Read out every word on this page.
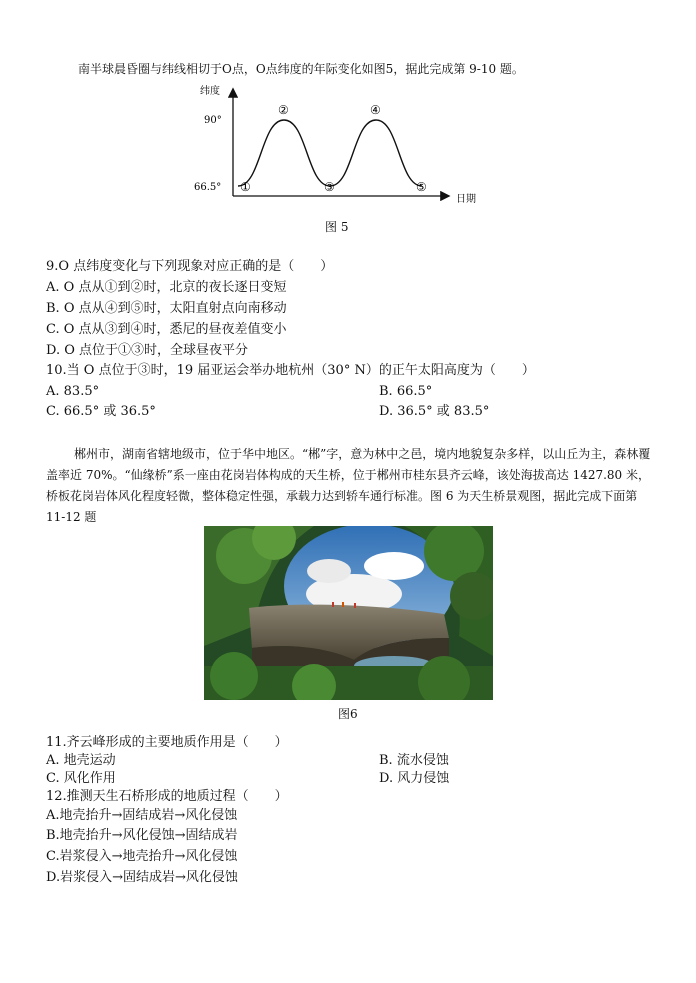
南半球晨昏圈与纬线相切于O点，O点纬度的年际变化如图5，据此完成第 9-10 题。
纬度
日期
90°
66.5° ①
②
③
④
⑤
图 5
9.O 点纬度变化与下列现象对应正确的是（　　）
A. O 点从①到②时，北京的夜长逐日变短
B. O 点从④到⑤时，太阳直射点向南移动
C. O 点从③到④时，悉尼的昼夜差值变小
D. O 点位于①③时，全球昼夜平分
10.当 O 点位于③时，19 届亚运会举办地杭州（30° N）的正午太阳高度为（　　）
A. 83.5°	B. 66.5°
C. 66.5° 或 36.5°	D. 36.5° 或 83.5°
郴州市，湖南省辖地级市，位于华中地区。“郴”字，意为林中之邑，境内地貌复杂多样，以山丘为主，森林覆盖率近 70%。“仙缘桥”系一座由花岗岩体构成的天生桥，位于郴州市桂东县齐云峰，该处海拔高达 1427.80 米，桥板花岗岩体风化程度轻微，整体稳定性强，承载力达到轿车通行标准。图 6 为天生桥景观图，据此完成下面第 11-12 题
图6
11.齐云峰形成的主要地质作用是（　　）
A. 地壳运动	B. 流水侵蚀
C. 风化作用	D. 风力侵蚀
12.推测天生石桥形成的地质过程（　　）
A.地壳抬升→固结成岩→风化侵蚀
B.地壳抬升→风化侵蚀→固结成岩
C.岩浆侵入→地壳抬升→风化侵蚀
D.岩浆侵入→固结成岩→风化侵蚀
